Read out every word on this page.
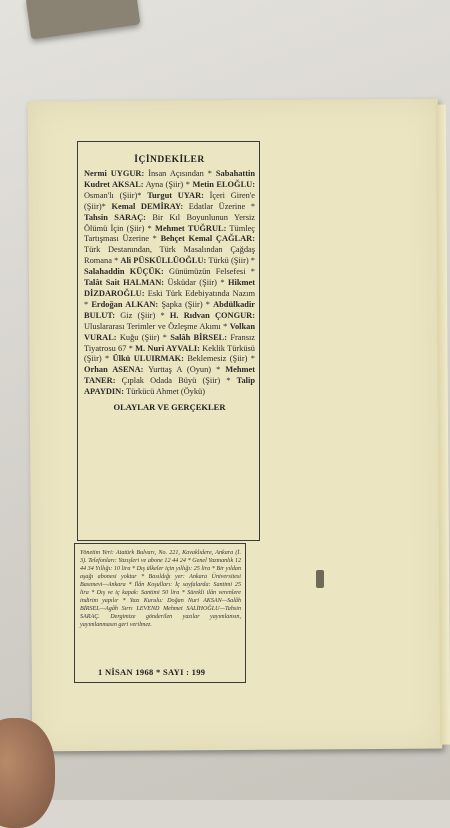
İÇİNDEKİLER
Nermi UYGUR: İnsan Açısından * Sabahattin Kudret AKSAL: Ayna (Şiir) * Metin ELOĞLU: Osman'lı (Şiir)* Turgut UYAR: İçeri Giren'e (Şiir)* Kemal DEMİRAY: Edatlar Üzerine * Tahsin SARAÇ: Bir Kıl Boyunlunun Yersiz Ölümü İçin (Şiir) * Mehmet TUĞRUL: Tümleç Tartışması Üzerine * Behçet Kemal ÇAĞLAR: Türk Destanından, Türk Masalından Çağdaş Romana * Ali PÜSKÜLLÜOĞLU: Türkü (Şiir) * Salahaddin KÜÇÜK: Günümüzün Felsefesi * Talât Sait HALMAN: Üsküdar (Şiir) * Hikmet DİZDAROĞLU: Eski Türk Edebiyatında Nazım * Erdoğan ALKAN: Şapka (Şiir) * Abdülkadir BULUT: Giz (Şiir) * H. Rıdvan ÇONGUR: Uluslararası Terimler ve Özleşme Akımı * Volkan VURAL: Kuğu (Şiir) * Salâh BİRSEL: Fransız Tiyatrosu 67 * M. Nuri AYVALI: Keklik Türküsü (Şiir) * Ülkü ULUIRMAK: Beklemesiz (Şiir) * Orhan ASENA: Yurttaş A (Oyun) * Mehmet TANER: Çıplak Odada Büyü (Şiir) * Talip APAYDIN: Türkücü Ahmet (Öykü)
OLAYLAR VE GERÇEKLER
Yönetim Yeri: Atatürk Bulvarı, No. 221, Kavaklıdere, Ankara (İ. 3). Telefonları: Yazışleri ve abone 12 44 24 * Genel Yazmanlık 12 44 34 Yıllığı: 10 lira * Dış ülkeler için yıllığı: 25 lira * Bir yıldan aşağı abonesi yoktur * Basıldığı yer: Ankara Üniversitesi Basımevi—Ankara * İlân Koşulları: İç sayfalarda: Santimi 25 lira * Dış ve iç kapak: Santimi 50 lira * Sürekli ilân verenlere indirim yapılır * Yazı Kurulu: Doğan Nuri AKSAN—Salâh BİRSEL—Agâh Sırrı LEVEND Mehmet SALİHOĞLU—Tahsin SARAÇ. Dergimize gönderilen yazılar yayımlansın, yayımlanmasın geri verilmez.
1 NİSAN 1968 * SAYI : 199
